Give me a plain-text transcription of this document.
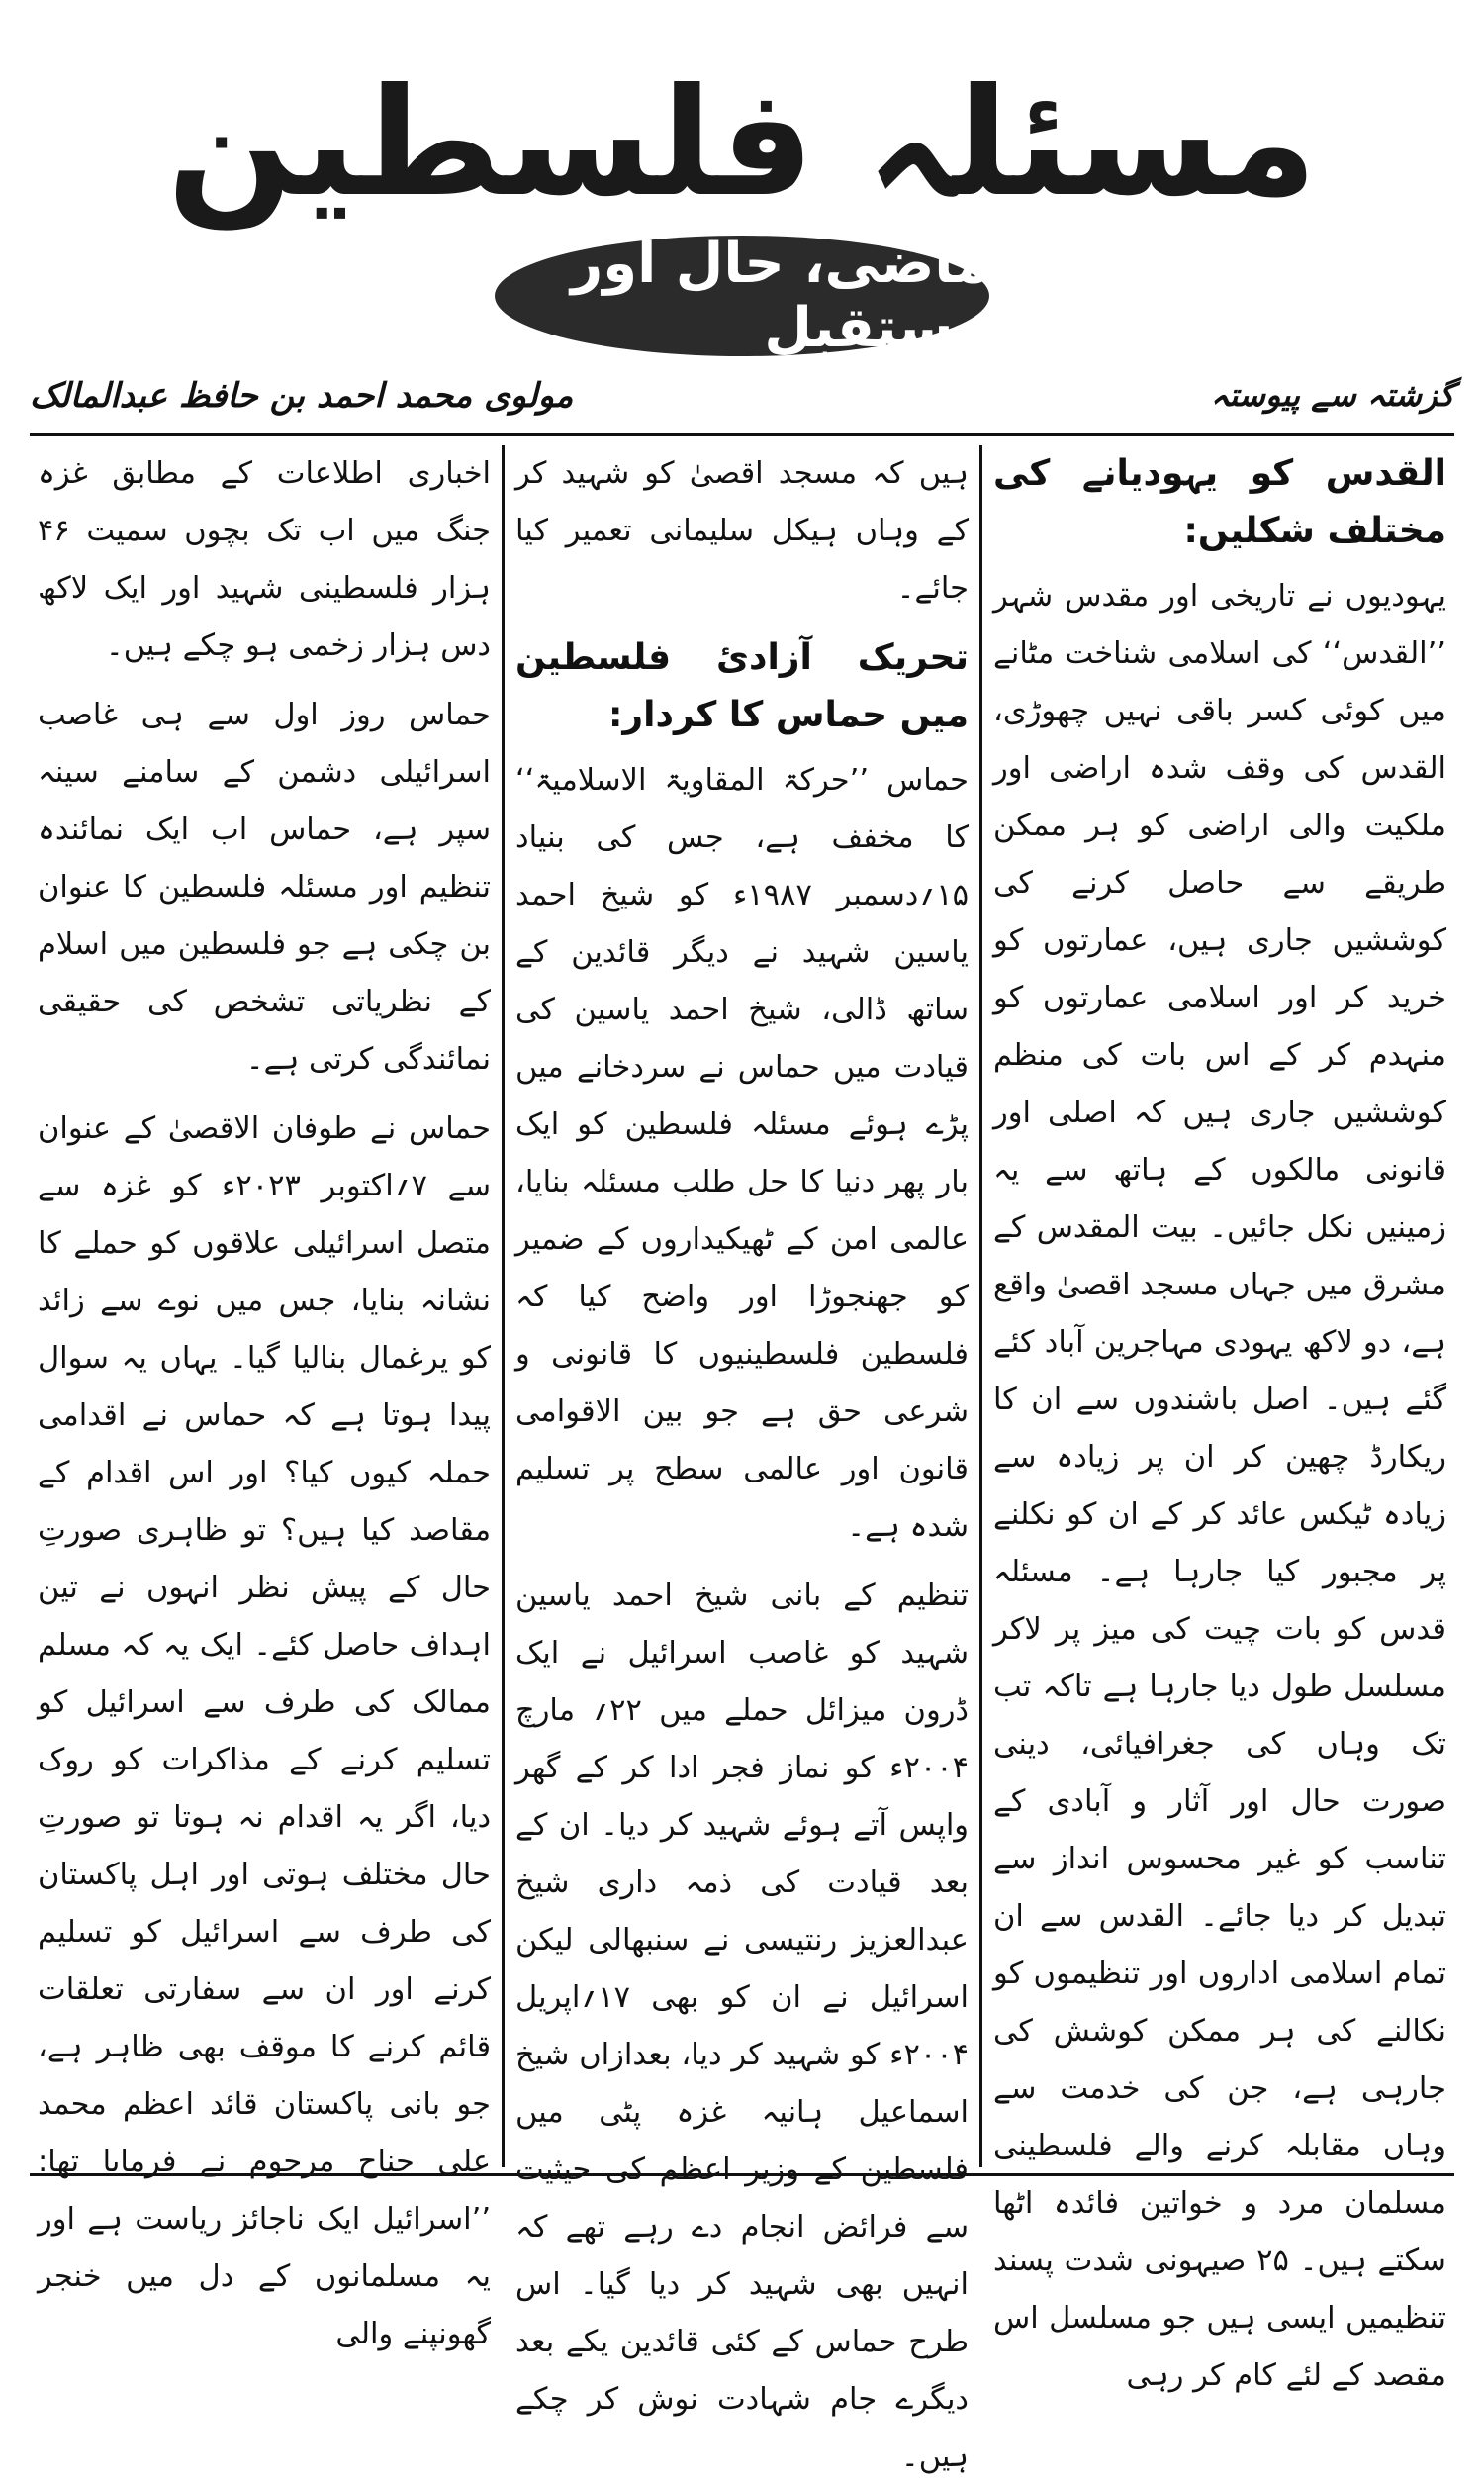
مسئلہ فلسطین
ماضی، حال اور مستقبل
گزشتہ سے پیوستہ
مولوی محمد احمد بن حافظ عبدالمالک
القدس کو یہودیانے کی مختلف شکلیں:

یہودیوں نے تاریخی اور مقدس شہر ’’القدس‘‘ کی اسلامی شناخت مٹانے میں کوئی کسر باقی نہیں چھوڑی، القدس کی وقف شدہ اراضی اور ملکیت والی اراضی کو ہر ممکن طریقے سے حاصل کرنے کی کوششیں جاری ہیں، عمارتوں کو خرید کر اور اسلامی عمارتوں کو منہدم کر کے اس بات کی منظم کوششیں جاری ہیں کہ اصلی اور قانونی مالکوں کے ہاتھ سے یہ زمینیں نکل جائیں۔ بیت المقدس کے مشرق میں جہاں مسجد اقصیٰ واقع ہے، دو لاکھ یہودی مہاجرین آباد کئے گئے ہیں۔ اصل باشندوں سے ان کا ریکارڈ چھین کر ان پر زیادہ سے زیادہ ٹیکس عائد کر کے ان کو نکلنے پر مجبور کیا جارہا ہے۔ مسئلہ قدس کو بات چیت کی میز پر لاکر مسلسل طول دیا جارہا ہے تاکہ تب تک وہاں کی جغرافیائی، دینی صورت حال اور آثار و آبادی کے تناسب کو غیر محسوس انداز سے تبدیل کر دیا جائے۔ القدس سے ان تمام اسلامی اداروں اور تنظیموں کو نکالنے کی ہر ممکن کوشش کی جارہی ہے، جن کی خدمت سے وہاں مقابلہ کرنے والے فلسطینی مسلمان مرد و خواتین فائدہ اٹھا سکتے ہیں۔ ۲۵ صیہونی شدت پسند تنظیمیں ایسی ہیں جو مسلسل اس مقصد کے لئے کام کر رہی

ہیں کہ مسجد اقصیٰ کو شہید کر کے وہاں ہیکل سلیمانی تعمیر کیا جائے۔

تحریک آزادئ فلسطین میں حماس کا کردار:

حماس ’’حرکۃ المقاویۃ الاسلامیۃ‘‘ کا مخفف ہے، جس کی بنیاد ۱۵؍دسمبر ۱۹۸۷ء کو شیخ احمد یاسین شہید نے دیگر قائدین کے ساتھ ڈالی، شیخ احمد یاسین کی قیادت میں حماس نے سردخانے میں پڑے ہوئے مسئلہ فلسطین کو ایک بار پھر دنیا کا حل طلب مسئلہ بنایا، عالمی امن کے ٹھیکیداروں کے ضمیر کو جھنجوڑا اور واضح کیا کہ فلسطین فلسطینیوں کا قانونی و شرعی حق ہے جو بین الاقوامی قانون اور عالمی سطح پر تسلیم شدہ ہے۔

تنظیم کے بانی شیخ احمد یاسین شہید کو غاصب اسرائیل نے ایک ڈرون میزائل حملے میں ۲۲؍ مارچ ۲۰۰۴ء کو نماز فجر ادا کر کے گھر واپس آتے ہوئے شہید کر دیا۔ ان کے بعد قیادت کی ذمہ داری شیخ عبدالعزیز رنتیسی نے سنبھالی لیکن اسرائیل نے ان کو بھی ۱۷؍اپریل ۲۰۰۴ء کو شہید کر دیا، بعدازاں شیخ اسماعیل ہانیہ غزہ پٹی میں فلسطین کے وزیر اعظم کی حیثیت سے فرائض انجام دے رہے تھے کہ انہیں بھی شہید کر دیا گیا۔ اس طرح حماس کے کئی قائدین یکے بعد دیگرے جام شہادت نوش کر چکے ہیں۔

اخباری اطلاعات کے مطابق غزہ جنگ میں اب تک بچوں سمیت ۴۶ ہزار فلسطینی شہید اور ایک لاکھ دس ہزار زخمی ہو چکے ہیں۔

حماس روز اول سے ہی غاصب اسرائیلی دشمن کے سامنے سینہ سپر ہے، حماس اب ایک نمائندہ تنظیم اور مسئلہ فلسطین کا عنوان بن چکی ہے جو فلسطین میں اسلام کے نظریاتی تشخص کی حقیقی نمائندگی کرتی ہے۔

حماس نے طوفان الاقصیٰ کے عنوان سے ۷؍اکتوبر ۲۰۲۳ء کو غزہ سے متصل اسرائیلی علاقوں کو حملے کا نشانہ بنایا، جس میں نوے سے زائد کو یرغمال بنالیا گیا۔ یہاں یہ سوال پیدا ہوتا ہے کہ حماس نے اقدامی حملہ کیوں کیا؟ اور اس اقدام کے مقاصد کیا ہیں؟ تو ظاہری صورتِ حال کے پیش نظر انہوں نے تین اہداف حاصل کئے۔ ایک یہ کہ مسلم ممالک کی طرف سے اسرائیل کو تسلیم کرنے کے مذاکرات کو روک دیا، اگر یہ اقدام نہ ہوتا تو صورتِ حال مختلف ہوتی اور اہل پاکستان کی طرف سے اسرائیل کو تسلیم کرنے اور ان سے سفارتی تعلقات قائم کرنے کا موقف بھی ظاہر ہے، جو بانی پاکستان قائد اعظم محمد علی جناح مرحوم نے فرمایا تھا: ’’اسرائیل ایک ناجائز ریاست ہے اور یہ مسلمانوں کے دل میں خنجر گھونپنے والی
